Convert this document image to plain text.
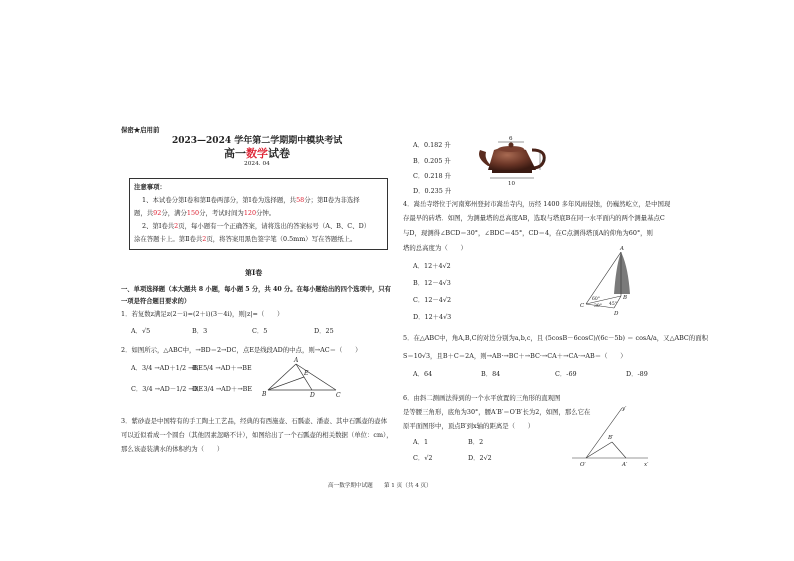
保密★启用前
2023—2024 学年第二学期期中模块考试
高一数学试卷
2024. 04
注意事项：
1、本试卷分第Ⅰ卷和第Ⅱ卷两部分，第Ⅰ卷为选择题，共58分；第Ⅱ卷为非选择
题，共92分，满分150分，考试时间为120分钟。
2、第Ⅰ卷共2页，每小题有一个正确答案，请将选出的答案标号（A、B、C、D）
涂在答题卡上。第Ⅱ卷共2页，将答案用黑色签字笔（0.5mm）写在答题纸上。
第Ⅰ卷
一、单项选择题（本大题共 8 小题，每小题 5 分，共 40 分。在每小题给出的四个选项中，只有
一项是符合题目要求的）
1．若复数z满足z(2－i)=(2＋i)(3－4i)，则|z|=（　　）
A．√5	B．3	C．5	D．25
2．如图所示，△ABC中，→BD＝2→DC，点E是线段AD的中点，则→AC＝（　　）
A．3/4 →AD＋1/2 →BE
B．5/4 →AD＋→BE
C．3/4 →AD－1/2 →BE
D．3/4 →AD＋→BE
A
E
B	D	C
3．紫砂壶是中国特有的手工陶土工艺品，经典的有西施壶、石瓢壶、潘壶、其中石瓢壶的壶体
可以近似看成一个圆台（其他因素忽略不计），如图给出了一个石瓢壶的相关数据（单位：cm），
那么该壶装满水的体积约为（　　）
A．0.182 升
B．0.205 升
C．0.218 升
D．0.235 升
6
10
4
4．嵩岳寺塔位于河南郑州登封市嵩岳寺内，历经 1400 多年风雨侵蚀，仍巍然屹立，是中国现
存最早的砖塔．如图，为测量塔的总高度AB，选取与塔底B在同一水平面内的两个测量基点C
与D，现测得∠BCD＝30°，∠BDC＝45°，CD＝4，在C点测得塔顶A的仰角为60°，则
塔的总高度为（　　）
A．12＋4√2
B．12－4√3
C．12－4√2
D．12＋4√3
A
B
C
D
60°
30° 45°
5．在△ABC中，角A,B,C的对边分别为a,b,c，且 (5cosB－6cosC)/(6c－5b) ＝ cosA/a，又△ABC的面积
S＝10√3，且B＋C＝2A，则→AB·→BC＋→BC·→CA＋→CA·→AB＝（　　）
A．64	B．84	C．-69	D．-89
6．由斜二测画法得到的一个水平放置的三角形的直观图
是等腰三角形，底角为30°，腰A′B′＝O′B′长为2，如图，那么它在
原平面图形中，顶点B′到x轴的距离是（　　）
A．1	B．2
C．√2	D．2√2
y′
B′
O′	A′	x′
高一数学期中试题　　第 1 页（共 4 页）
